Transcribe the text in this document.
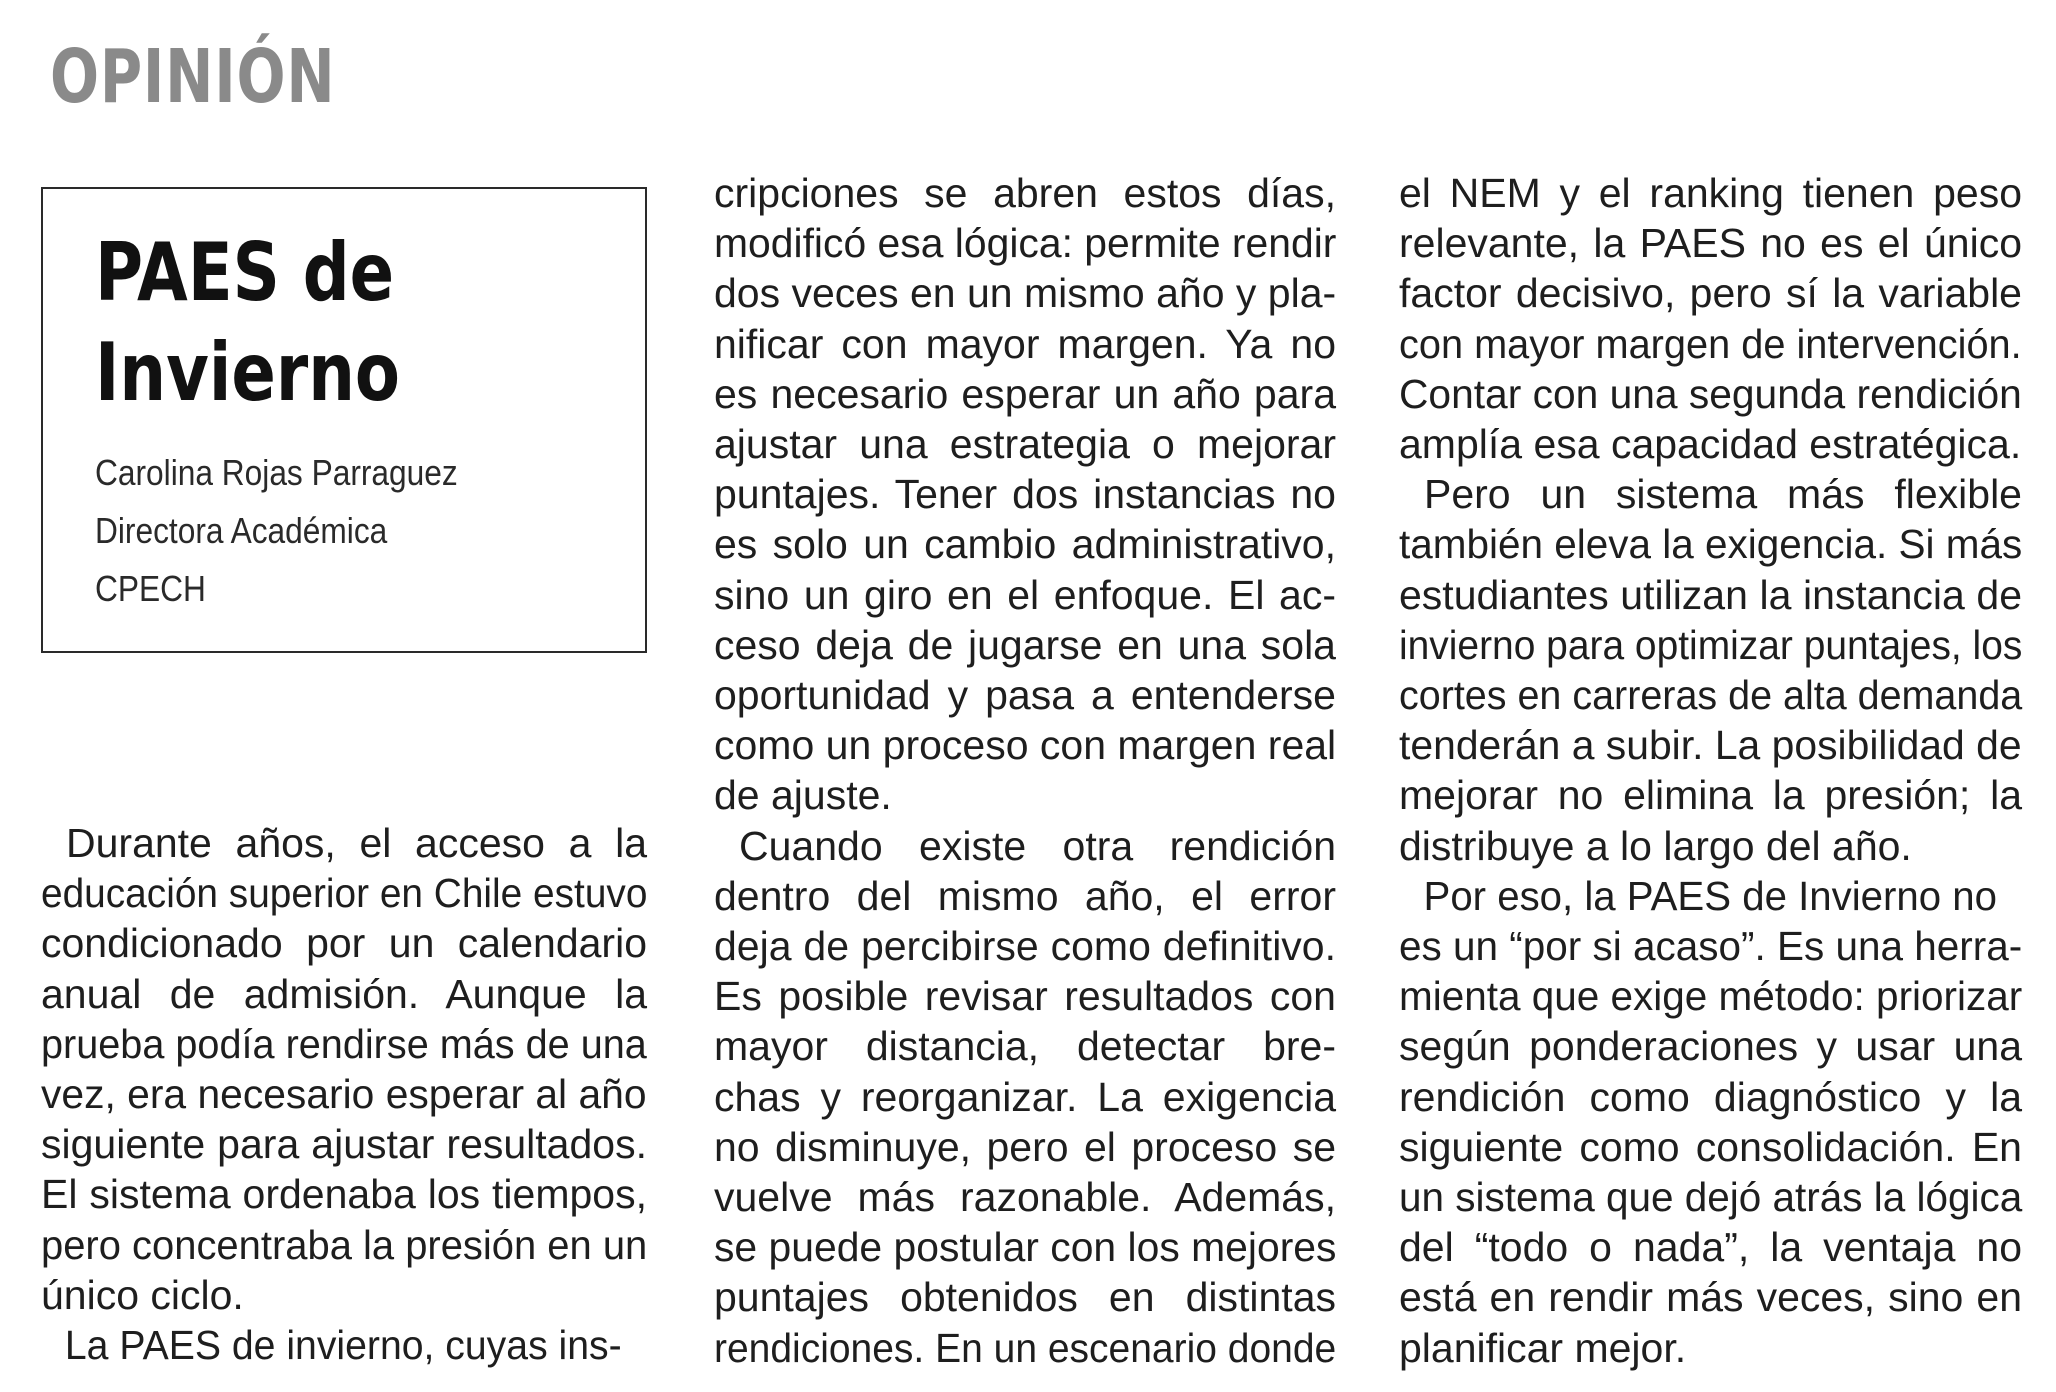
OPINIÓN
PAES de
Invierno
Carolina Rojas Parraguez
Directora Académica
CPECH
Durante años, el acceso a la
educación superior en Chile estuvo
condicionado por un calendario
anual de admisión. Aunque la
prueba podía rendirse más de una
vez, era necesario esperar al año
siguiente para ajustar resultados.
El sistema ordenaba los tiempos,
pero concentraba la presión en un
único ciclo.
La PAES de invierno, cuyas ins-
cripciones se abren estos días,
modificó esa lógica: permite rendir
dos veces en un mismo año y pla-
nificar con mayor margen. Ya no
es necesario esperar un año para
ajustar una estrategia o mejorar
puntajes. Tener dos instancias no
es solo un cambio administrativo,
sino un giro en el enfoque. El ac-
ceso deja de jugarse en una sola
oportunidad y pasa a entenderse
como un proceso con margen real
de ajuste.
Cuando existe otra rendición
dentro del mismo año, el error
deja de percibirse como definitivo.
Es posible revisar resultados con
mayor distancia, detectar bre-
chas y reorganizar. La exigencia
no disminuye, pero el proceso se
vuelve más razonable. Además,
se puede postular con los mejores
puntajes obtenidos en distintas
rendiciones. En un escenario donde
el NEM y el ranking tienen peso
relevante, la PAES no es el único
factor decisivo, pero sí la variable
con mayor margen de intervención.
Contar con una segunda rendición
amplía esa capacidad estratégica.
Pero un sistema más flexible
también eleva la exigencia. Si más
estudiantes utilizan la instancia de
invierno para optimizar puntajes, los
cortes en carreras de alta demanda
tenderán a subir. La posibilidad de
mejorar no elimina la presión; la
distribuye a lo largo del año.
Por eso, la PAES de Invierno no
es un “por si acaso”. Es una herra-
mienta que exige método: priorizar
según ponderaciones y usar una
rendición como diagnóstico y la
siguiente como consolidación. En
un sistema que dejó atrás la lógica
del “todo o nada”, la ventaja no
está en rendir más veces, sino en
planificar mejor.
